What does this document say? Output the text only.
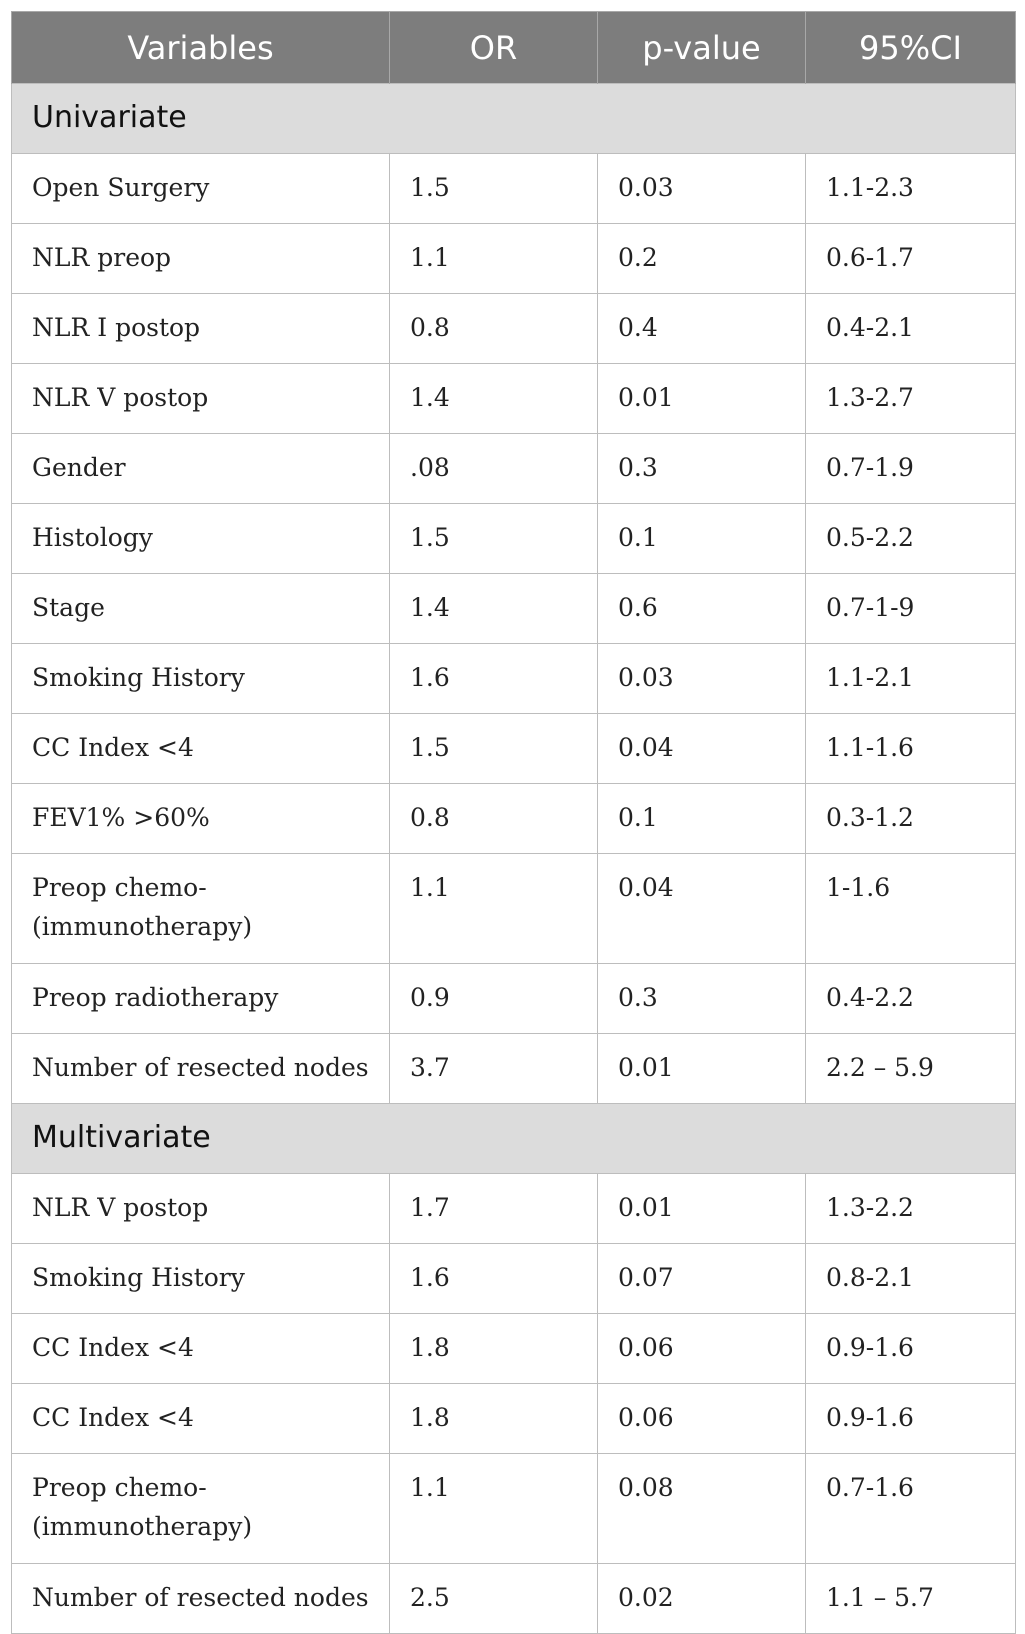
Variables	OR	p-value	95%CI
Univariate			
Open Surgery	1.5	0.03	1.1-2.3
NLR preop	1.1	0.2	0.6-1.7
NLR I postop	0.8	0.4	0.4-2.1
NLR V postop	1.4	0.01	1.3-2.7
Gender	.08	0.3	0.7-1.9
Histology	1.5	0.1	0.5-2.2
Stage	1.4	0.6	0.7-1-9
Smoking History	1.6	0.03	1.1-2.1
CC Index <4	1.5	0.04	1.1-1.6
FEV1% >60%	0.8	0.1	0.3-1.2
Preop chemo-(immunotherapy)	1.1	0.04	1-1.6
Preop radiotherapy	0.9	0.3	0.4-2.2
Number of resected nodes	3.7	0.01	2.2 – 5.9
Multivariate			
NLR V postop	1.7	0.01	1.3-2.2
Smoking History	1.6	0.07	0.8-2.1
CC Index <4	1.8	0.06	0.9-1.6
CC Index <4	1.8	0.06	0.9-1.6
Preop chemo-(immunotherapy)	1.1	0.08	0.7-1.6
Number of resected nodes	2.5	0.02	1.1 – 5.7
